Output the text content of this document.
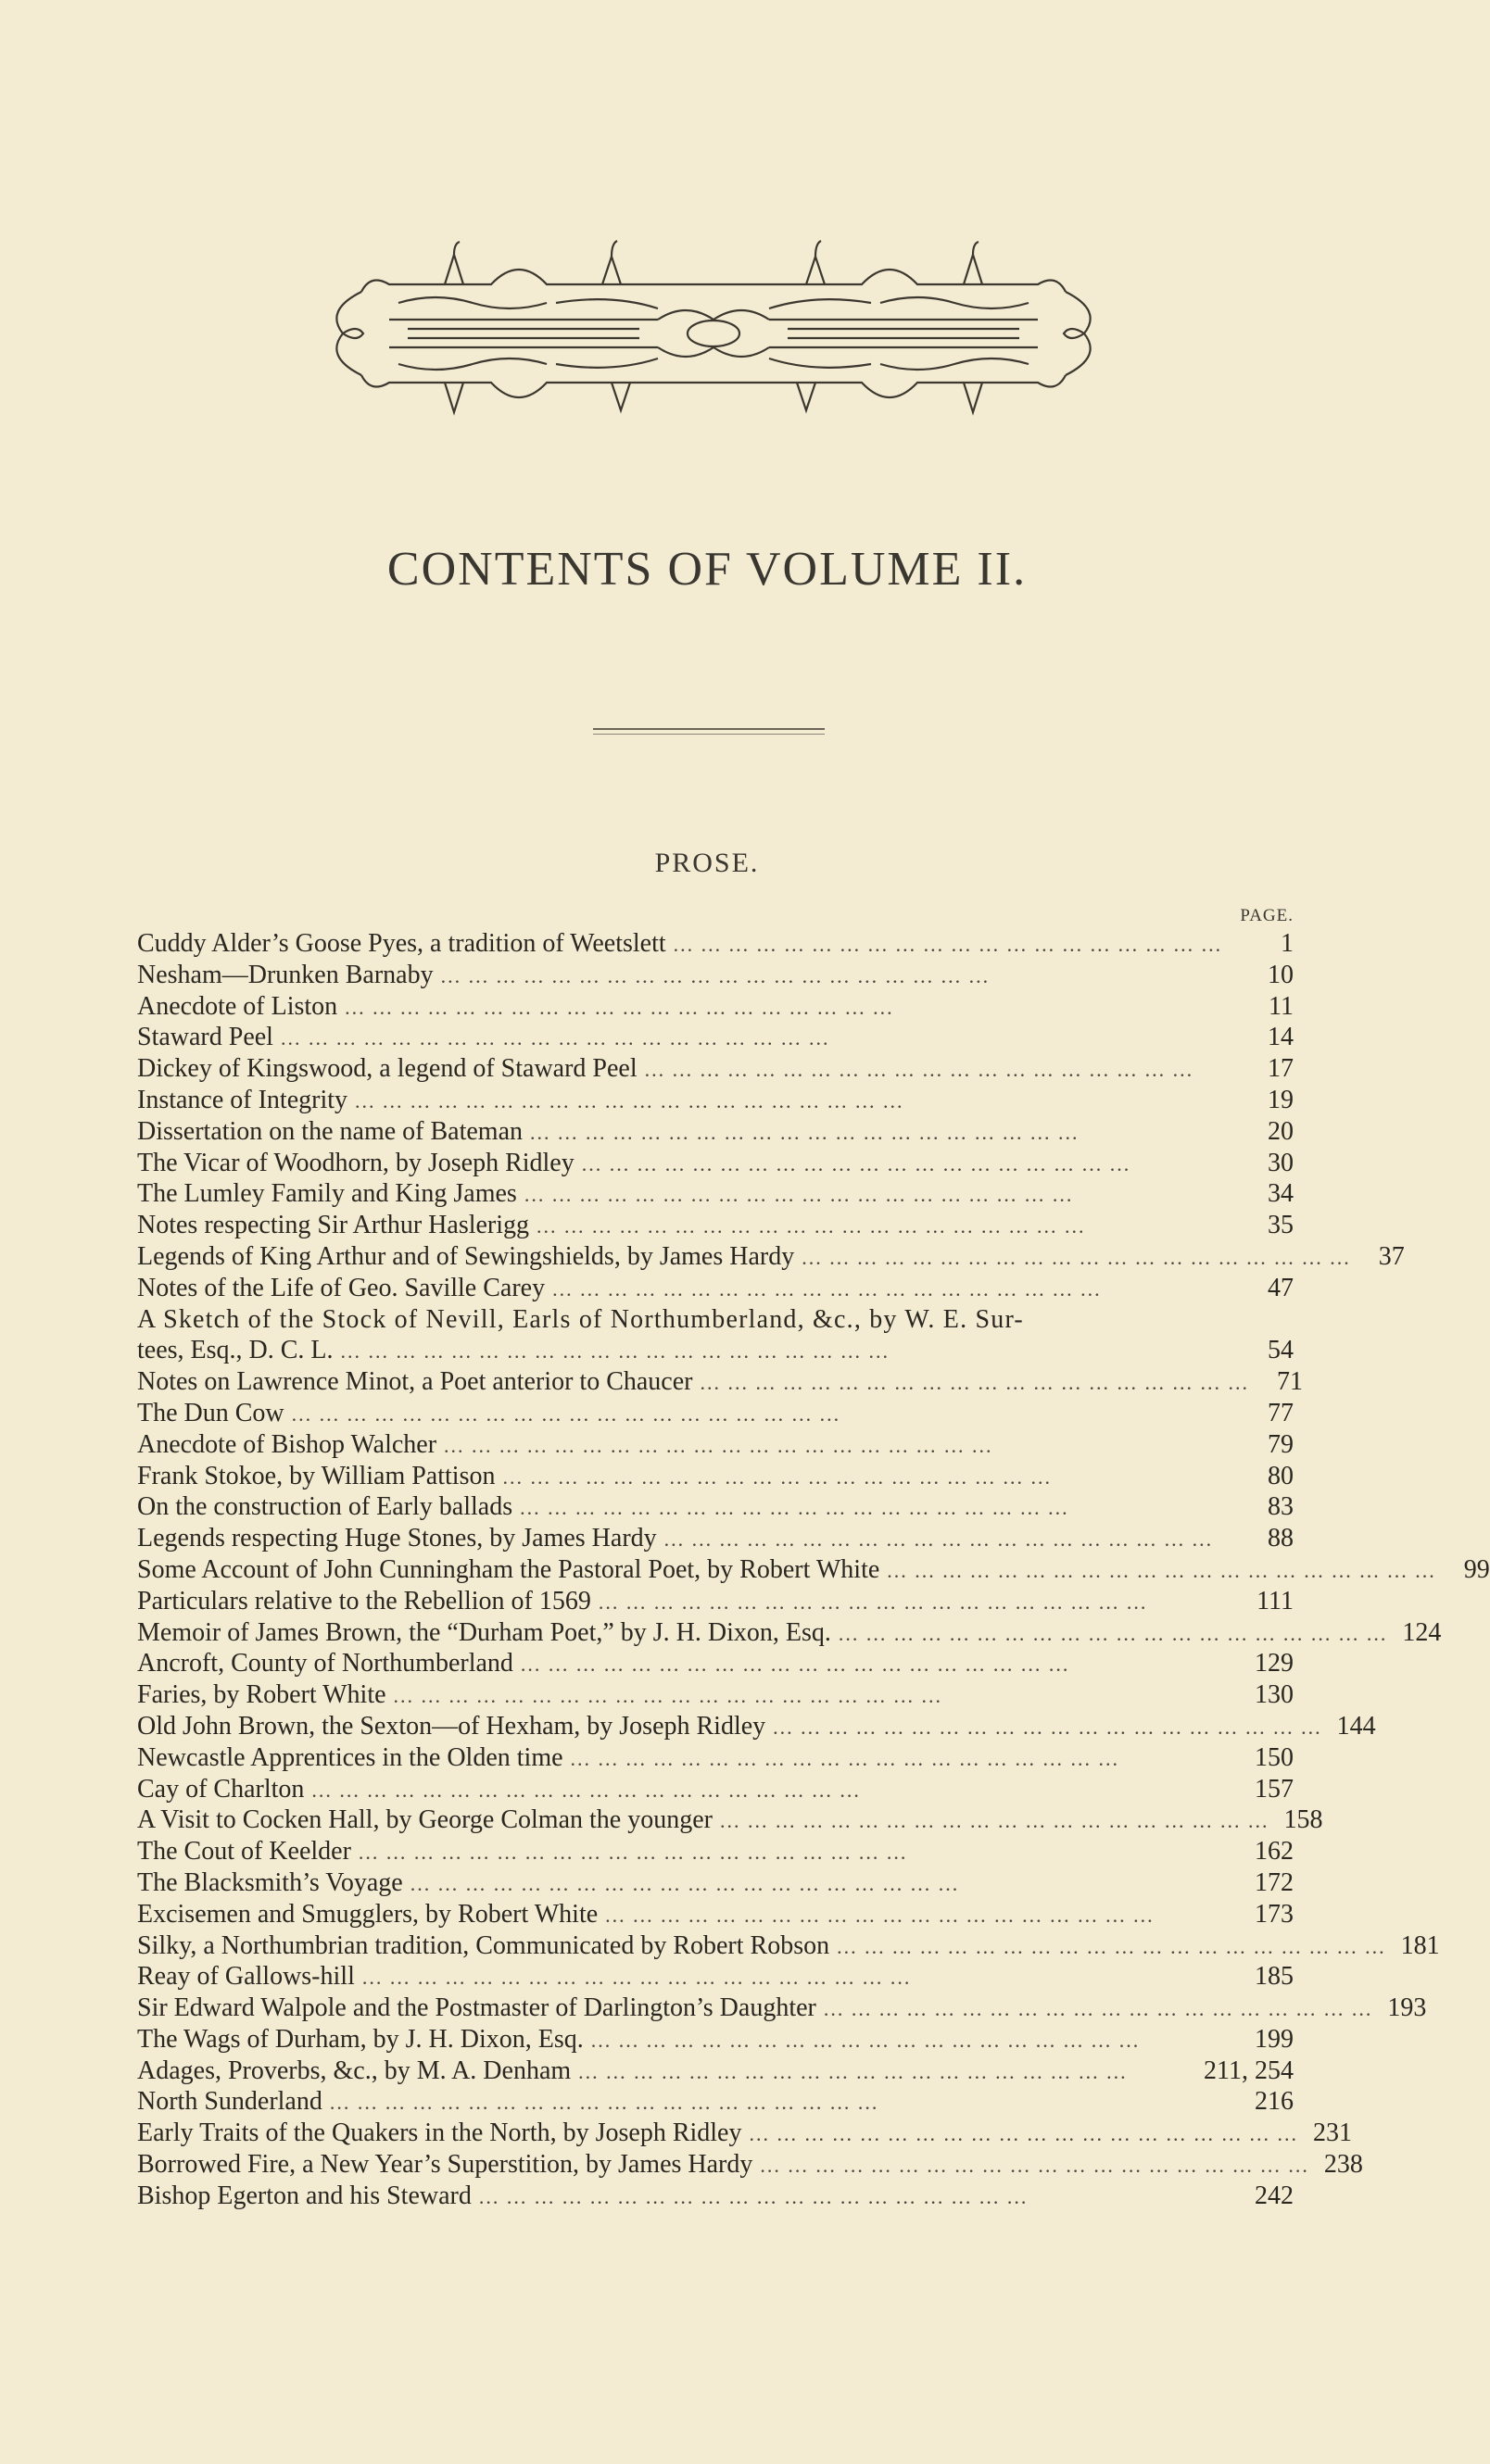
CONTENTS OF VOLUME II.
PROSE.
PAGE.
Cuddy Alder’s Goose Pyes, a tradition of Weetslett ... ... ... ... ... ... ... ... ... ... ... ... ... ... ... ... ... ... ... ...	1
Nesham—Drunken Barnaby ... ... ... ... ... ... ... ... ... ... ... ... ... ... ... ... ... ... ... ...	10
Anecdote of Liston ... ... ... ... ... ... ... ... ... ... ... ... ... ... ... ... ... ... ... ...	11
Staward Peel ... ... ... ... ... ... ... ... ... ... ... ... ... ... ... ... ... ... ... ...	14
Dickey of Kingswood, a legend of Staward Peel ... ... ... ... ... ... ... ... ... ... ... ... ... ... ... ... ... ... ... ...	17
Instance of Integrity ... ... ... ... ... ... ... ... ... ... ... ... ... ... ... ... ... ... ... ...	19
Dissertation on the name of Bateman ... ... ... ... ... ... ... ... ... ... ... ... ... ... ... ... ... ... ... ...	20
The Vicar of Woodhorn, by Joseph Ridley ... ... ... ... ... ... ... ... ... ... ... ... ... ... ... ... ... ... ... ...	30
The Lumley Family and King James ... ... ... ... ... ... ... ... ... ... ... ... ... ... ... ... ... ... ... ...	34
Notes respecting Sir Arthur Haslerigg ... ... ... ... ... ... ... ... ... ... ... ... ... ... ... ... ... ... ... ...	35
Legends of King Arthur and of Sewingshields, by James Hardy ... ... ... ... ... ... ... ... ... ... ... ... ... ... ... ... ... ... ... ...	37
Notes of the Life of Geo. Saville Carey ... ... ... ... ... ... ... ... ... ... ... ... ... ... ... ... ... ... ... ...	47
A Sketch of the Stock of Nevill, Earls of Northumberland, &c., by W. E. Sur-
tees, Esq., D. C. L. ... ... ... ... ... ... ... ... ... ... ... ... ... ... ... ... ... ... ... ...	54
Notes on Lawrence Minot, a Poet anterior to Chaucer ... ... ... ... ... ... ... ... ... ... ... ... ... ... ... ... ... ... ... ...	71
The Dun Cow ... ... ... ... ... ... ... ... ... ... ... ... ... ... ... ... ... ... ... ...	77
Anecdote of Bishop Walcher ... ... ... ... ... ... ... ... ... ... ... ... ... ... ... ... ... ... ... ...	79
Frank Stokoe, by William Pattison ... ... ... ... ... ... ... ... ... ... ... ... ... ... ... ... ... ... ... ...	80
On the construction of Early ballads ... ... ... ... ... ... ... ... ... ... ... ... ... ... ... ... ... ... ... ...	83
Legends respecting Huge Stones, by James Hardy ... ... ... ... ... ... ... ... ... ... ... ... ... ... ... ... ... ... ... ...	88
Some Account of John Cunningham the Pastoral Poet, by Robert White ... ... ... ... ... ... ... ... ... ... ... ... ... ... ... ... ... ... ... ...	99
Particulars relative to the Rebellion of 1569 ... ... ... ... ... ... ... ... ... ... ... ... ... ... ... ... ... ... ... ...	111
Memoir of James Brown, the “Durham Poet,” by J. H. Dixon, Esq. ... ... ... ... ... ... ... ... ... ... ... ... ... ... ... ... ... ... ... ... 124
Ancroft, County of Northumberland ... ... ... ... ... ... ... ... ... ... ... ... ... ... ... ... ... ... ... ...	129
Faries, by Robert White ... ... ... ... ... ... ... ... ... ... ... ... ... ... ... ... ... ... ... ...	130
Old John Brown, the Sexton—of Hexham, by Joseph Ridley ... ... ... ... ... ... ... ... ... ... ... ... ... ... ... ... ... ... ... ... 144
Newcastle Apprentices in the Olden time ... ... ... ... ... ... ... ... ... ... ... ... ... ... ... ... ... ... ... ...	150
Cay of Charlton ... ... ... ... ... ... ... ... ... ... ... ... ... ... ... ... ... ... ... ...	157
A Visit to Cocken Hall, by George Colman the younger ... ... ... ... ... ... ... ... ... ... ... ... ... ... ... ... ... ... ... ... 158
The Cout of Keelder ... ... ... ... ... ... ... ... ... ... ... ... ... ... ... ... ... ... ... ...	162
The Blacksmith’s Voyage ... ... ... ... ... ... ... ... ... ... ... ... ... ... ... ... ... ... ... ...	172
Excisemen and Smugglers, by Robert White ... ... ... ... ... ... ... ... ... ... ... ... ... ... ... ... ... ... ... ...	173
Silky, a Northumbrian tradition, Communicated by Robert Robson ... ... ... ... ... ... ... ... ... ... ... ... ... ... ... ... ... ... ... ... 181
Reay of Gallows-hill ... ... ... ... ... ... ... ... ... ... ... ... ... ... ... ... ... ... ... ...	185
Sir Edward Walpole and the Postmaster of Darlington’s Daughter ... ... ... ... ... ... ... ... ... ... ... ... ... ... ... ... ... ... ... ... 193
The Wags of Durham, by J. H. Dixon, Esq. ... ... ... ... ... ... ... ... ... ... ... ... ... ... ... ... ... ... ... ...	199
Adages, Proverbs, &c., by M. A. Denham ... ... ... ... ... ... ... ... ... ... ... ... ... ... ... ... ... ... ... ...	211, 254
North Sunderland ... ... ... ... ... ... ... ... ... ... ... ... ... ... ... ... ... ... ... ...	216
Early Traits of the Quakers in the North, by Joseph Ridley ... ... ... ... ... ... ... ... ... ... ... ... ... ... ... ... ... ... ... ... 231
Borrowed Fire, a New Year’s Superstition, by James Hardy ... ... ... ... ... ... ... ... ... ... ... ... ... ... ... ... ... ... ... ... 238
Bishop Egerton and his Steward ... ... ... ... ... ... ... ... ... ... ... ... ... ... ... ... ... ... ... ...	242
